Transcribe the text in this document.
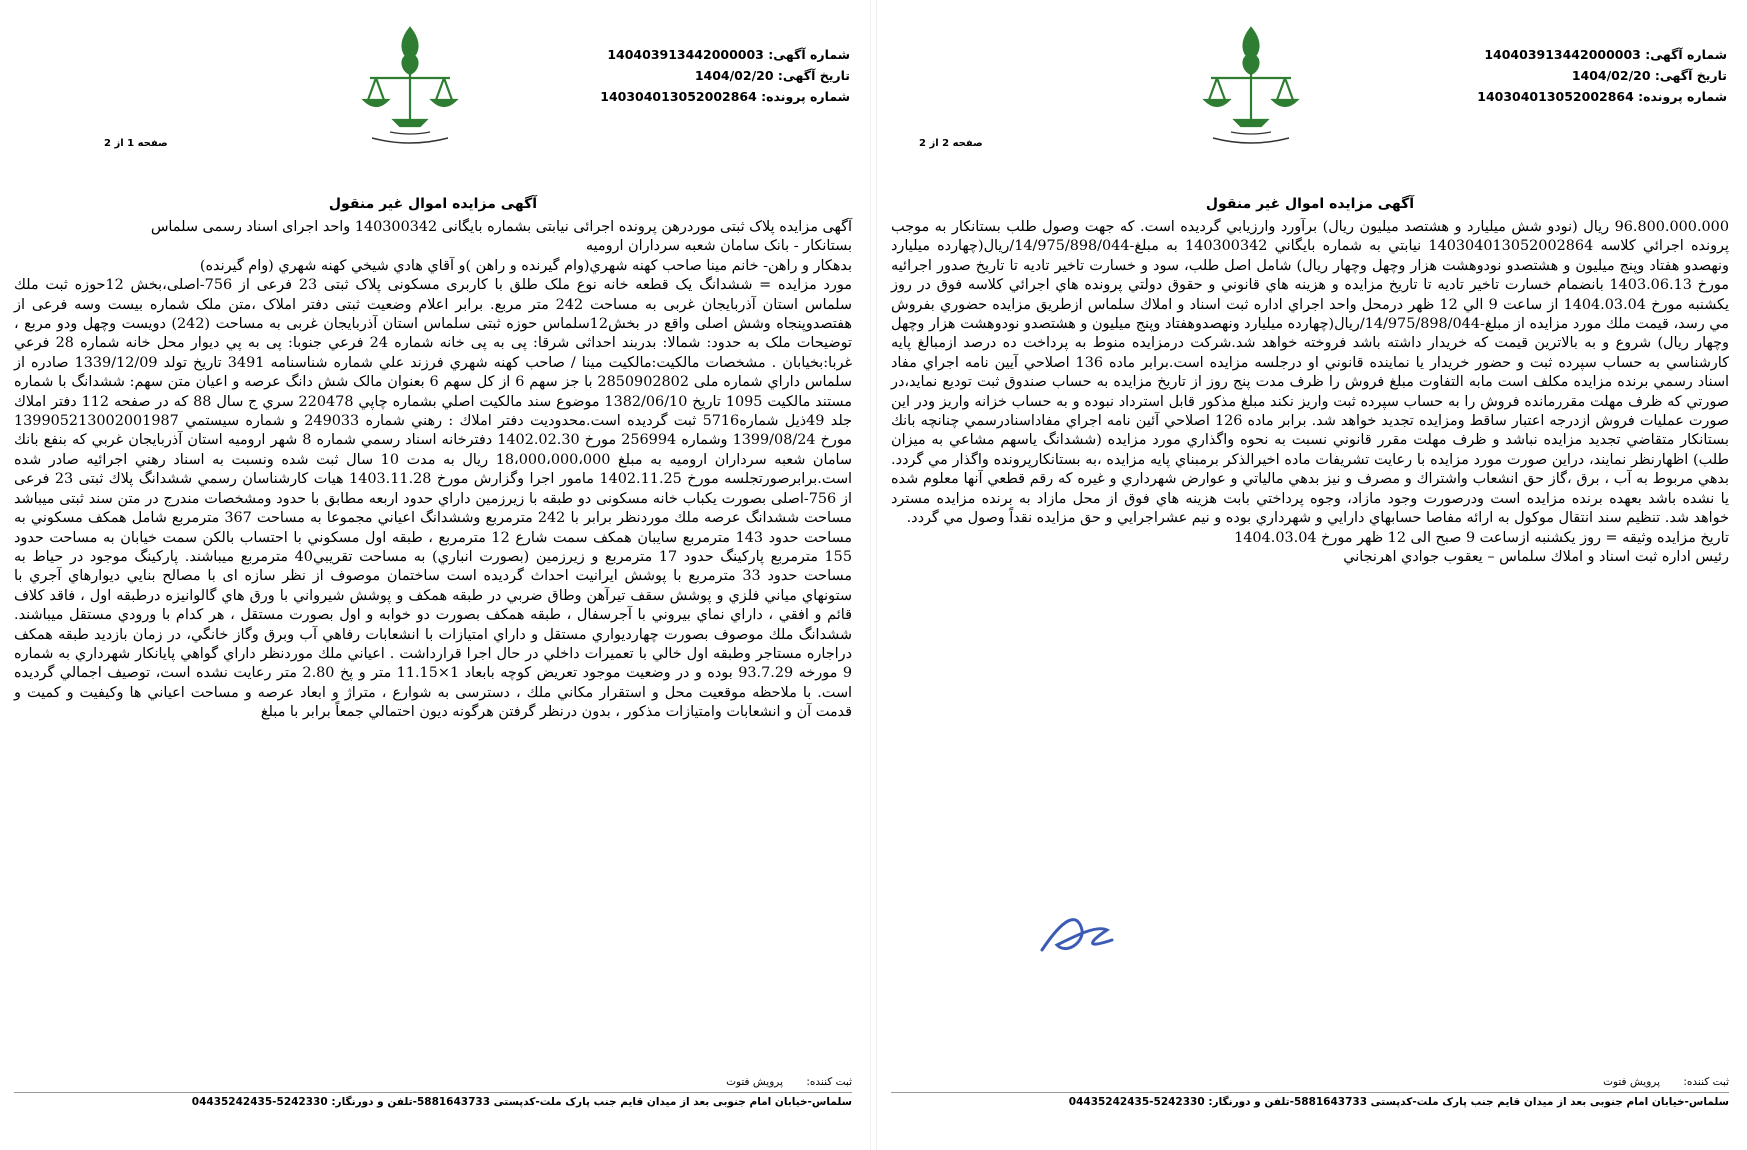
شماره آگهی: 140403913442000003
تاریخ آگهی: 1404/02/20
شماره پرونده: 140304013052002864
صفحه 1 از 2
آگهی مزایده اموال غیر منقول

آگهی مزایده پلاک ثبتی موردرهن پرونده اجرائی نیابتی بشماره بایگانی 140300342 واحد اجرای اسناد رسمی سلماس

بستانکار - بانک سامان شعبه سرداران ارومیه

بدهکار و راهن- خانم مینا صاحب کهنه شهري(وام گیرنده و راهن )و آقاي هادي شیخي کهنه شهري (وام گیرنده)

مورد مزایده = ششدانگ یک قطعه خانه نوع ملک طلق با کاربری مسکونی پلاک ثبتی 23 فرعی از 756-اصلی،بخش 12حوزه ثبت ملك سلماس استان آذربایجان غربی به مساحت 242 متر مربع. برابر اعلام وضعیت ثبتی دفتر املاک ،متن ملک شماره بیست وسه فرعی از هفتصدوپنجاه وشش اصلی واقع در بخش12سلماس حوزه ثبتی سلماس استان آذربایجان غربی به مساحت (242) دویست وچهل ودو مربع ، توضیحات ملک به حدود: شمالا: بدربند احداثی شرقا: پی به پی خانه شماره 24 فرعي جنوبا: پی به پي ديوار محل خانه شماره 28 فرعي غربا:بخيابان . مشخصات مالکیت:مالکیت مینا / صاحب کهنه شهري فرزند علي شماره شناسنامه 3491 تاريخ تولد 1339/12/09 صادره از سلماس داراي شماره ملی 2850902802 با جز سهم 6 از کل سهم 6 بعنوان مالک شش دانگ عرصه و اعيان متن سهم: ششدانگ با شماره مستند مالكيت 1095 تاريخ 1382/06/10 موضوع سند مالكيت اصلي بشماره چاپي 220478 سري ج سال 88 كه در صفحه 112 دفتر املاك جلد 49ذيل شماره5716 ثبت گرديده است.محدوديت دفتر املاك : رهني شماره 249033 و شماره سيستمي 139905213002001987 مورخ 1399/08/24 وشماره 256994 مورخ 1402.02.30 دفترخانه اسناد رسمي شماره 8 شهر اروميه استان آذربایجان غربي كه بنفع بانك سامان شعبه سرداران اروميه به مبلغ 18،000،000،000 ريال به مدت 10 سال ثبت شده ونسبت به اسناد رهني اجرائيه صادر شده است.برابرصورتجلسه مورخ 1402.11.25 مامور اجرا وگزارش مورخ 1403.11.28 هيات كارشناسان رسمي ششدانگ پلاك ثبتی 23 فرعی از 756-اصلی بصورت یکباب خانه مسکونی دو طبقه با زیرزمین داراي حدود اربعه مطابق با حدود ومشخصات مندرج در متن سند ثبتی ميباشد مساحت ششدانگ عرصه ملك موردنظر برابر با 242 مترمربع وششدانگ اعياني مجموعا به مساحت 367 مترمربع شامل همكف مسكوني به مساحت حدود 143 مترمربع سایبان همكف سمت شارع 12 مترمربع ، طبقه اول مسكوني با احتساب بالكن سمت خیابان به مساحت حدود 155 مترمربع پاركينگ حدود 17 مترمربع و زیرزمین (بصورت انباري) به مساحت تقريبي40 مترمربع ميباشند. پاركينگ موجود در حياط به مساحت حدود 33 مترمربع با پوشش ايرانيت احداث گرديده است ساختمان موصوف از نظر سازه ای با مصالح بنايي ديوارهاي آجري با ستونهاي مياني فلزي و پوشش سقف تيرآهن وطاق ضربي در طبقه همكف و پوشش شيرواني با ورق هاي گالوانيزه درطبقه اول ، فاقد كلاف قائم و افقي ، داراي نماي بيروني با آجرسفال ، طبقه همكف بصورت دو خوابه و اول بصورت مستقل ، هر كدام با ورودي مستقل ميباشند. ششدانگ ملك موصوف بصورت چهارديواري مستقل و داراي امتيازات با انشعابات رفاهي آب وبرق وگاز خانگي، در زمان بازديد طبقه همكف دراجاره مستاجر وطبقه اول خالي با تعميرات داخلي در حال اجرا قرارداشت . اعياني ملك موردنظر داراي گواهي پايانكار شهرداري به شماره 9 مورخه 93.7.29 بوده و در وضعيت موجود تعريض كوچه بابعاد 1×11.15 متر و پخ 2.80 متر رعايت نشده است، توصيف اجمالي گرديده است. با ملاحظه موقعيت محل و استقرار مكاني ملك ، دسترسی به شوارع ، متراژ و ابعاد عرصه و مساحت اعياني ها وكيفيت و كميت و قدمت آن و انشعابات وامتيازات مذكور ، بدون درنظر گرفتن هرگونه ديون احتمالي جمعاً برابر با مبلغ

ثبت کننده:       پرویش فتوت
سلماس-خیابان امام جنوبی بعد از میدان قایم جنب پارک ملت-کدپستی 5881643733-تلفن و دورنگار: 5242330-04435242435
شماره آگهی: 140403913442000003
تاریخ آگهی: 1404/02/20
شماره پرونده: 140304013052002864
صفحه 2 از 2
آگهی مزایده اموال غیر منقول

96.800.000.000 ريال (نودو شش میلیارد و هشتصد میلیون ريال) برآورد وارزيابي گرديده است. كه جهت وصول طلب بستانكار به موجب پرونده اجرائي كلاسه 140304013052002864 نيابتي به شماره بايگاني 140300342 به مبلغ-14/975/898/044/ريال(چهارده ميليارد ونهصدو هفتاد وپنج ميليون و هشتصدو نودوهشت هزار وچهل وچهار ريال) شامل اصل طلب، سود و خسارت تاخير تاديه تا تاريخ صدور اجرائيه مورخ 1403.06.13 بانضمام خسارت تاخير تاديه تا تاريخ مزايده و هزينه هاي قانوني و حقوق دولتي پرونده هاي اجرائي كلاسه فوق در روز يكشنبه مورخ 1404.03.04 از ساعت 9 الي 12 ظهر درمحل واحد اجراي اداره ثبت اسناد و املاك سلماس ازطريق مزايده حضوري بفروش مي رسد، قيمت ملك مورد مزايده از مبلغ-14/975/898/044/ريال(چهارده ميليارد ونهصدوهفتاد وپنج ميليون و هشتصدو نودوهشت هزار وچهل وچهار ريال) شروع و به بالاترين قيمت كه خريدار داشته باشد فروخته خواهد شد.شركت درمزايده منوط به پرداخت ده درصد ازمبالغ پايه كارشناسي به حساب سپرده ثبت و حضور خريدار يا نماينده قانوني او درجلسه مزايده است.برابر ماده 136 اصلاحي آيين نامه اجراي مفاد اسناد رسمي برنده مزايده مكلف است مابه التفاوت مبلغ فروش را ظرف مدت پنج روز از تاريخ مزايده به حساب صندوق ثبت توديع نمايد،در صورتي كه ظرف مهلت مقررمانده فروش را به حساب سپرده ثبت واريز نكند مبلغ مذكور قابل استرداد نبوده و به حساب خزانه واريز ودر اين صورت عمليات فروش ازدرجه اعتبار ساقط ومزايده تجديد خواهد شد. برابر ماده 126 اصلاحي آئين نامه اجراي مفاداسنادرسمي چنانچه بانك بستانكار متقاضي تجديد مزايده نباشد و ظرف مهلت مقرر قانوني نسبت به نحوه واگذاري مورد مزايده (ششدانگ ياسهم مشاعي به ميزان طلب) اظهارنظر نمايند، دراين صورت مورد مزايده با رعايت تشريفات ماده اخيرالذكر برمبناي پايه مزايده ،به بستانكارپرونده واگذار مي گردد. بدهي مربوط به آب ، برق ،گاز حق انشعاب واشتراك و مصرف و نيز بدهي مالياتي و عوارض شهرداري و غيره كه رقم قطعي آنها معلوم شده يا نشده باشد بعهده برنده مزايده است ودرصورت وجود مازاد، وجوه پرداختي بابت هزينه هاي فوق از محل مازاد به برنده مزايده مسترد خواهد شد. تنظيم سند انتقال موكول به ارائه مفاصا حسابهاي دارايي و شهرداري بوده و نيم عشراجرايي و حق مزايده نقداً وصول مي گردد.

تاريخ مزايده وثيقه = روز يكشنبه ازساعت 9 صبح الی 12 ظهر مورخ 1404.03.04

رئيس اداره ثبت اسناد و املاك سلماس – يعقوب جوادي اهرنجاني

ثبت کننده:       پرویش فتوت
سلماس-خیابان امام جنوبی بعد از میدان قایم جنب پارک ملت-کدپستی 5881643733-تلفن و دورنگار: 5242330-04435242435
